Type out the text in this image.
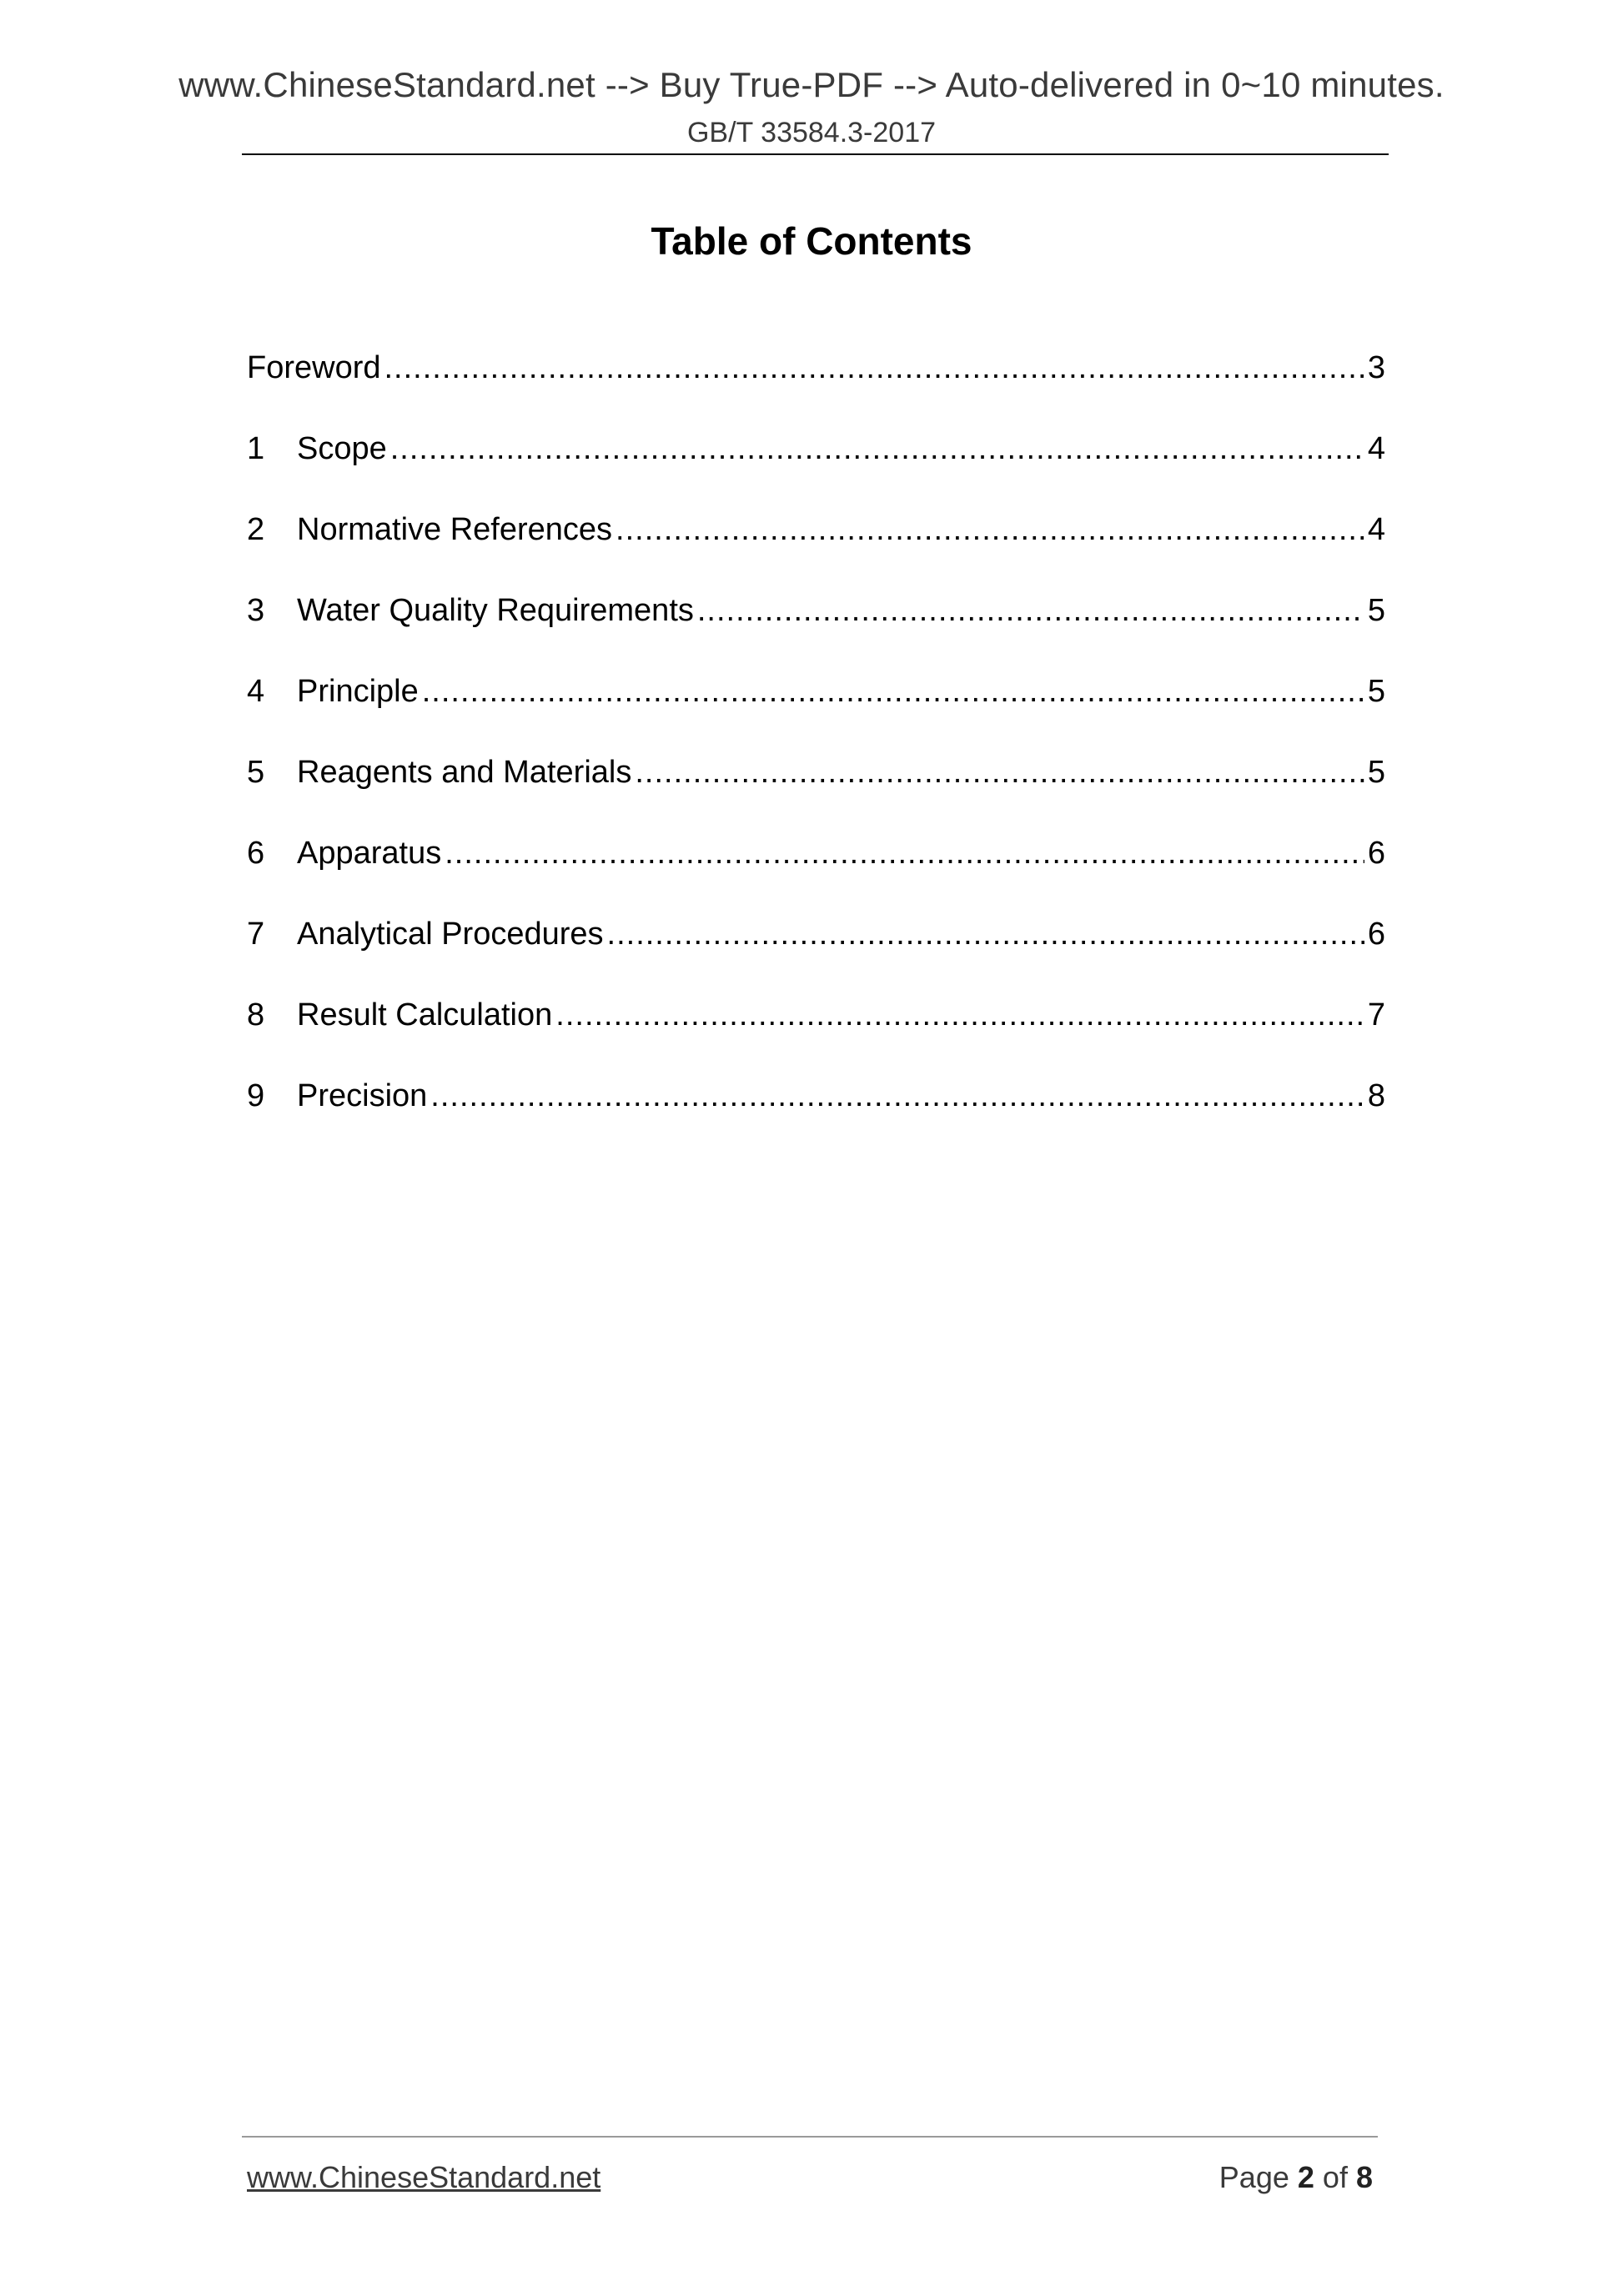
www.ChineseStandard.net --> Buy True-PDF --> Auto-delivered in 0~10 minutes.
GB/T 33584.3-2017
Table of Contents
Foreword .....	3
1	Scope .....	4
2	Normative References .....	4
3	Water Quality Requirements .....	5
4	Principle .....	5
5	Reagents and Materials .....	5
6	Apparatus .....	6
7	Analytical Procedures .....	6
8	Result Calculation .....	7
9	Precision .....	8
www.ChineseStandard.net	Page 2 of 8
